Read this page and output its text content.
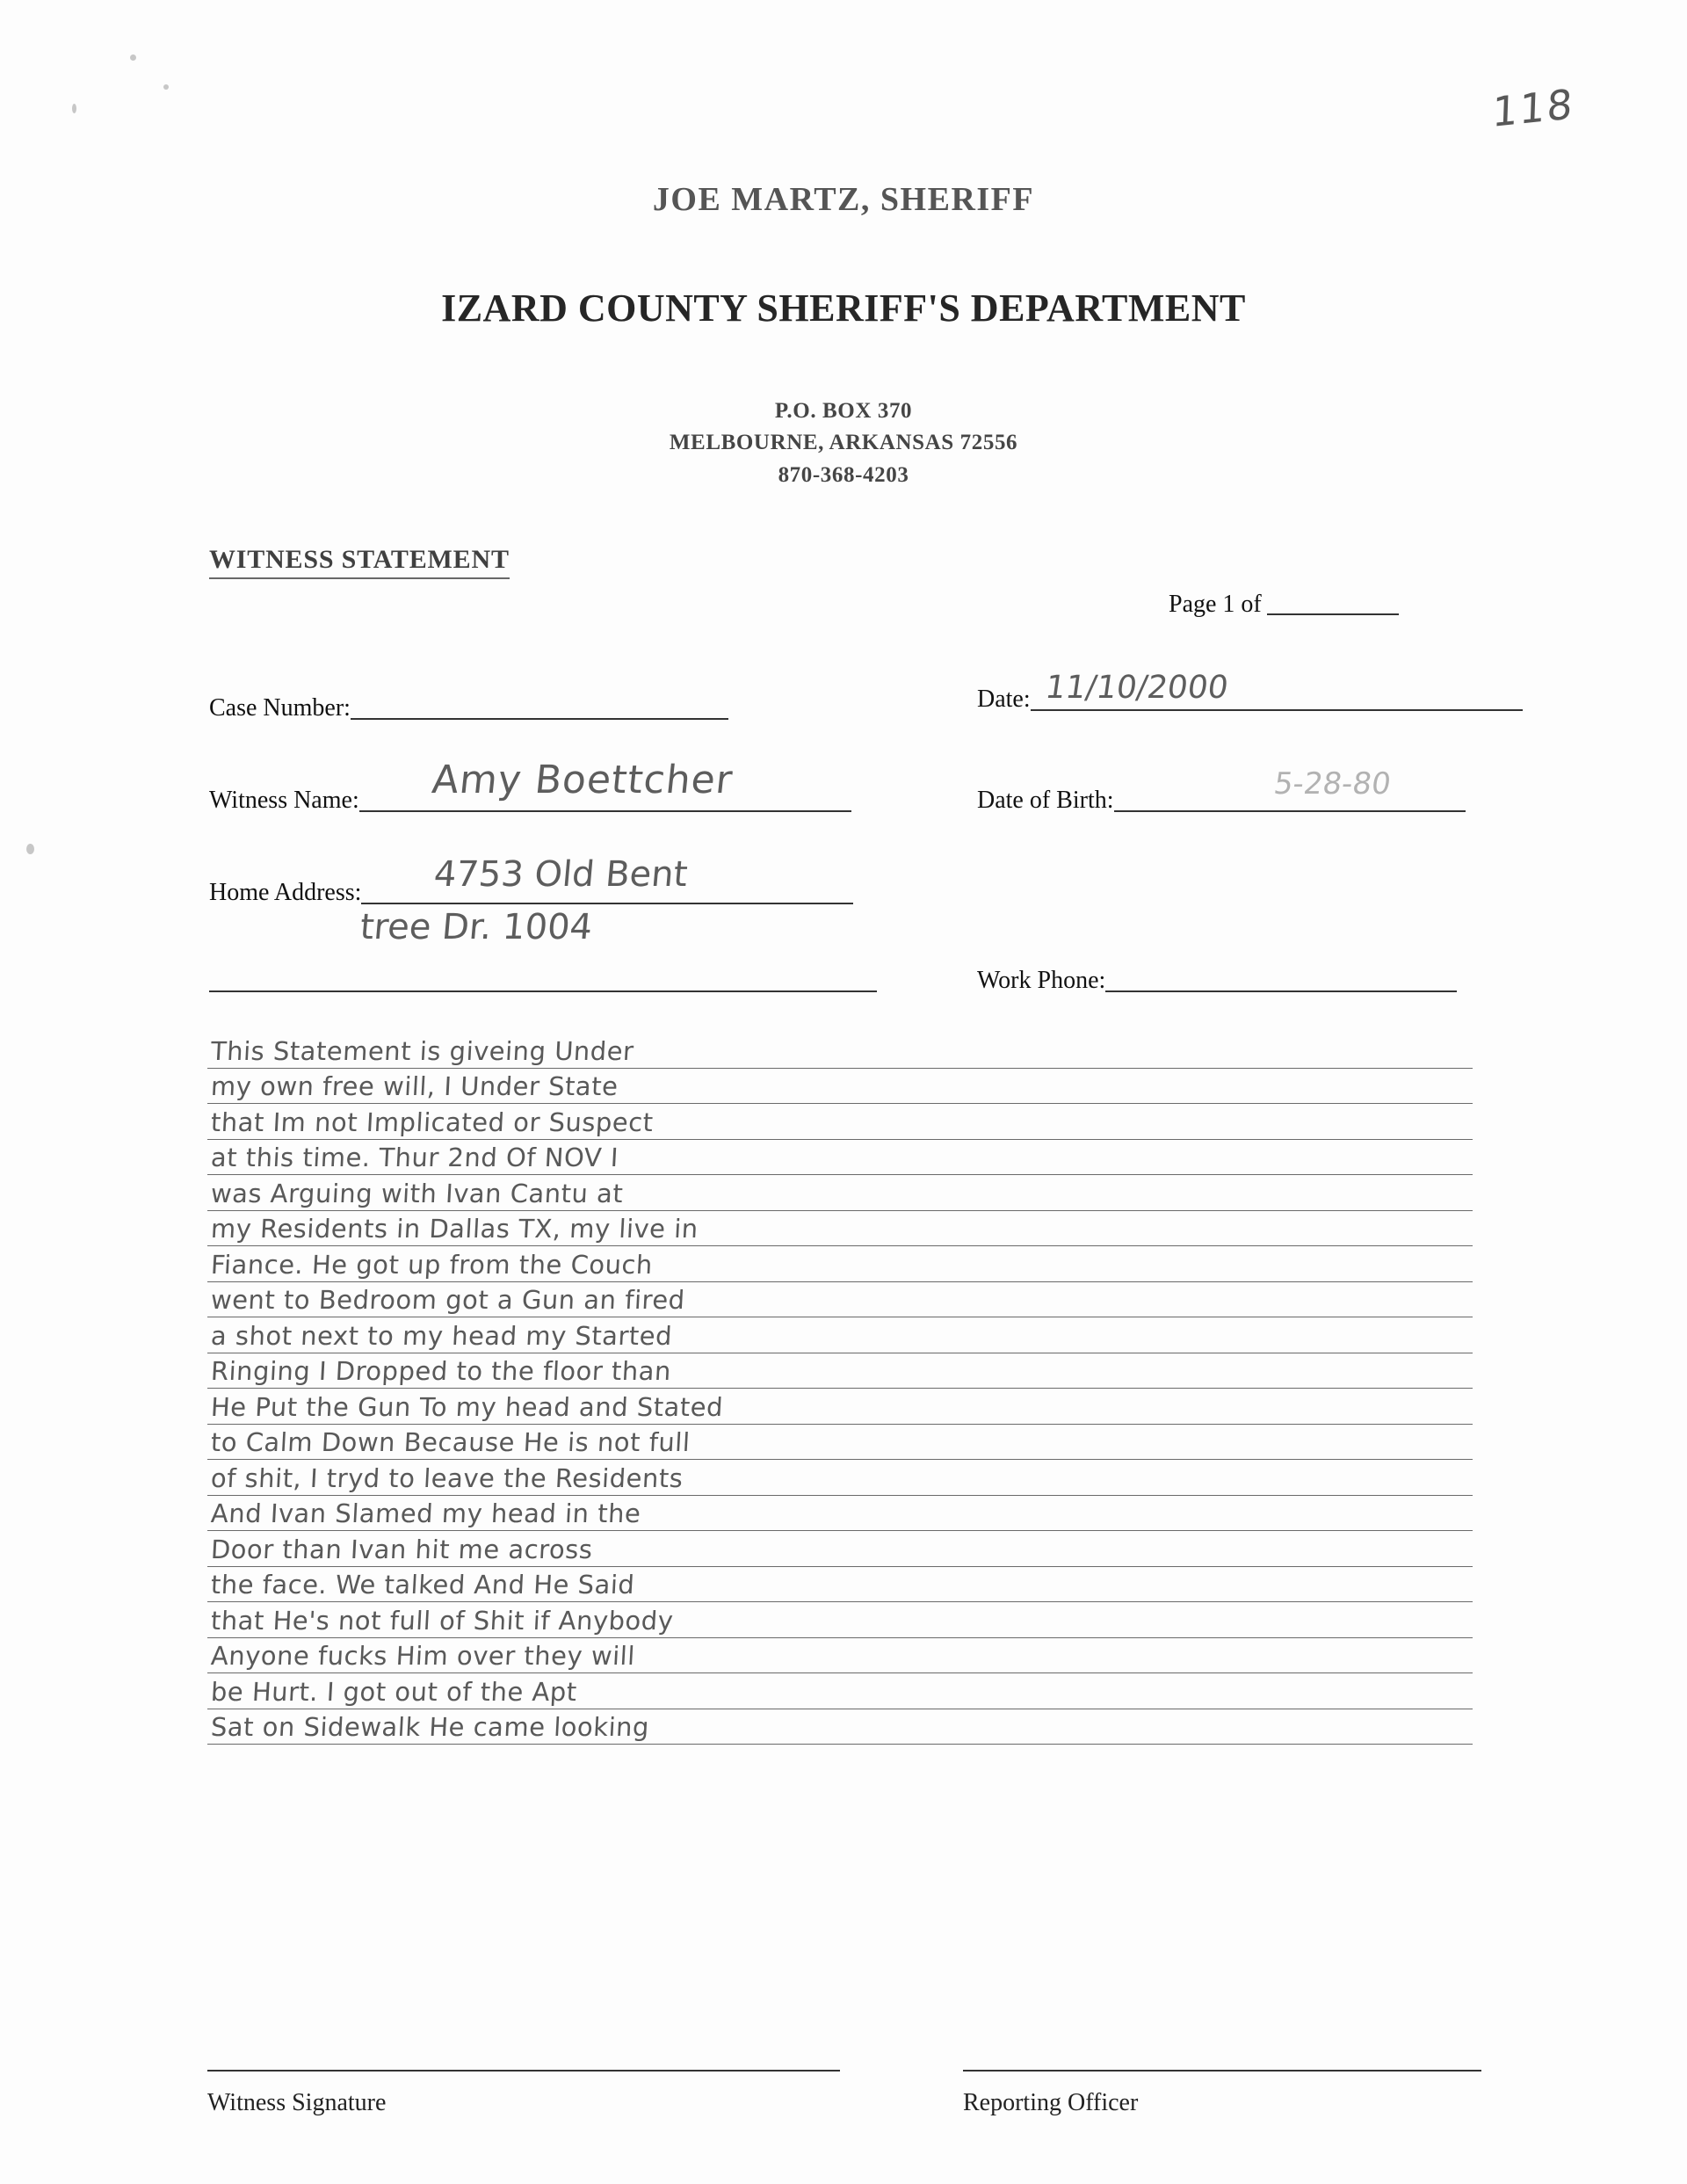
118
JOE MARTZ, SHERIFF
IZARD COUNTY SHERIFF'S DEPARTMENT
P.O. BOX 370
MELBOURNE, ARKANSAS 72556
870-368-4203
WITNESS STATEMENT
Page 1 of
Case Number:	Date: 11/10/2000
Witness Name:	Amy Boettcher	Date of Birth:	5-28-80
Home Address:	4753 Old Bent
tree Dr. 1004
Work Phone:
This Statement is giveing Under
my own free will, I Under State
that Im not Implicated or Suspect
at this time. Thur 2nd Of NOV I
was Arguing with Ivan Cantu at
my Residents in Dallas TX, my live in
Fiance. He got up from the Couch
went to Bedroom got a Gun an fired
a shot next to my head my Started
Ringing I Dropped to the floor than
He Put the Gun To my head and Stated
to Calm Down Because He is not full
of shit, I tryd to leave the Residents
And Ivan Slamed my head in the
Door than Ivan hit me across
the face. We talked And He Said
that He's not full of Shit if Anybody
Anyone fucks Him over they will
be Hurt. I got out of the Apt
Sat on Sidewalk He came looking
Witness Signature	Reporting Officer
